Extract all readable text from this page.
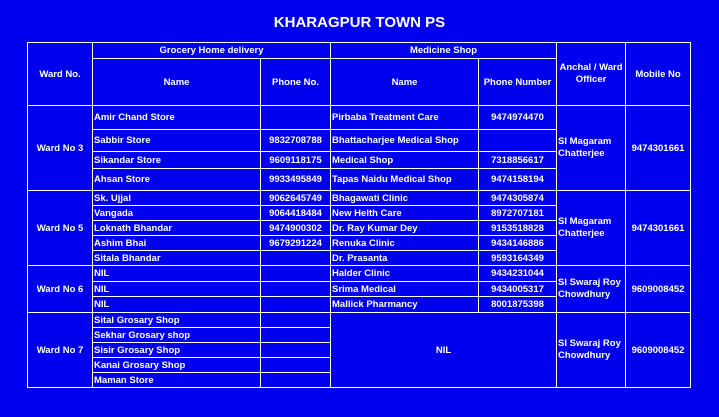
KHARAGPUR TOWN PS
Ward No.	Grocery Home delivery		Medicine Shop		Anchal / Ward Officer	Mobile No
	Name	Phone No.	Name	Phone Number		
Ward No 3	Amir Chand Store		Pirbaba Treatment Care	9474974470	SI Magaram Chatterjee	9474301661
	Sabbir Store	9832708788	Bhattacharjee Medical Shop			
	Sikandar Store	9609118175	Medical Shop	7318856617		
	Ahsan Store	9933495849	Tapas Naidu Medical Shop	9474158194		
Ward No 5	Sk. Ujjal	9062645749	Bhagawati Clinic	9474305874	SI Magaram Chatterjee	9474301661
	Vangada	9064418484	New Helth Care	8972707181		
	Loknath Bhandar	9474900302	Dr. Ray Kumar Dey	9153518828		
	Ashim Bhai	9679291224	Renuka Clinic	9434146886		
	Sitala Bhandar		Dr. Prasanta	9593164349		
Ward No 6	NIL		Halder Clinic	9434231044	SI Swaraj Roy Chowdhury	9609008452
	NIL		Srima Medical	9434005317		
	NIL		Mallick Pharmancy	8001875398		
Ward No 7	Sital Grosary Shop		NIL		SI Swaraj Roy Chowdhury	9609008452
	Sekhar Grosary shop					
	Sisir Grosary Shop					
	Kanai Grosary Shop					
	Maman Store					
